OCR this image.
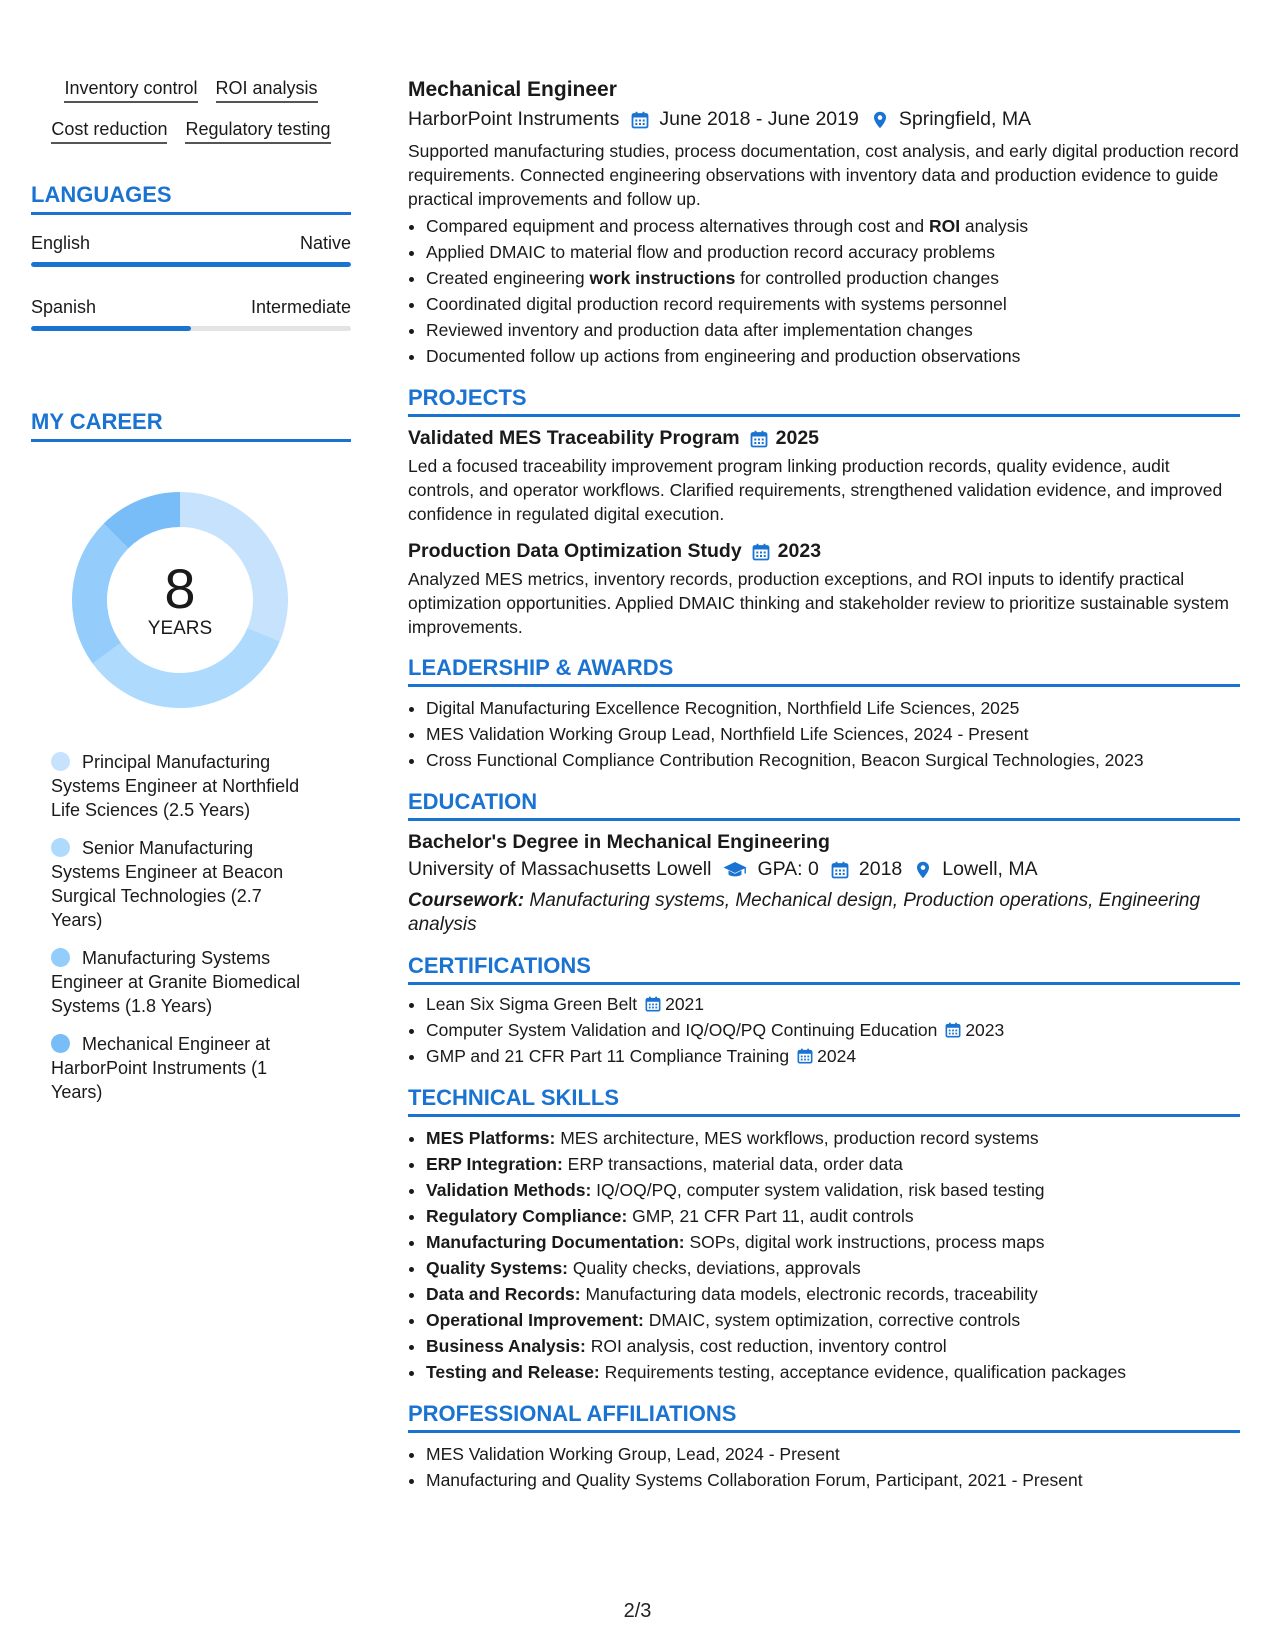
Inventory control ROI analysis
Cost reduction Regulatory testing
LANGUAGES
English	Native
Spanish	Intermediate
MY CAREER
8
YEARS
Principal Manufacturing Systems Engineer at Northfield Life Sciences (2.5 Years)
Senior Manufacturing Systems Engineer at Beacon Surgical Technologies (2.7 Years)
Manufacturing Systems Engineer at Granite Biomedical Systems (1.8 Years)
Mechanical Engineer at HarborPoint Instruments (1 Years)
Mechanical Engineer
HarborPoint Instruments June 2018 - June 2019 Springfield, MA
Supported manufacturing studies, process documentation, cost analysis, and early digital production record requirements. Connected engineering observations with inventory data and production evidence to guide practical improvements and follow up.
• Compared equipment and process alternatives through cost and ROI analysis
• Applied DMAIC to material flow and production record accuracy problems
• Created engineering work instructions for controlled production changes
• Coordinated digital production record requirements with systems personnel
• Reviewed inventory and production data after implementation changes
• Documented follow up actions from engineering and production observations
PROJECTS
Validated MES Traceability Program 2025
Led a focused traceability improvement program linking production records, quality evidence, audit controls, and operator workflows. Clarified requirements, strengthened validation evidence, and improved confidence in regulated digital execution.
Production Data Optimization Study 2023
Analyzed MES metrics, inventory records, production exceptions, and ROI inputs to identify practical optimization opportunities. Applied DMAIC thinking and stakeholder review to prioritize sustainable system improvements.
LEADERSHIP & AWARDS
• Digital Manufacturing Excellence Recognition, Northfield Life Sciences, 2025
• MES Validation Working Group Lead, Northfield Life Sciences, 2024 - Present
• Cross Functional Compliance Contribution Recognition, Beacon Surgical Technologies, 2023
EDUCATION
Bachelor's Degree in Mechanical Engineering
University of Massachusetts Lowell GPA: 0 2018 Lowell, MA
Coursework: Manufacturing systems, Mechanical design, Production operations, Engineering analysis
CERTIFICATIONS
• Lean Six Sigma Green Belt 2021
• Computer System Validation and IQ/OQ/PQ Continuing Education 2023
• GMP and 21 CFR Part 11 Compliance Training 2024
TECHNICAL SKILLS
• MES Platforms: MES architecture, MES workflows, production record systems
• ERP Integration: ERP transactions, material data, order data
• Validation Methods: IQ/OQ/PQ, computer system validation, risk based testing
• Regulatory Compliance: GMP, 21 CFR Part 11, audit controls
• Manufacturing Documentation: SOPs, digital work instructions, process maps
• Quality Systems: Quality checks, deviations, approvals
• Data and Records: Manufacturing data models, electronic records, traceability
• Operational Improvement: DMAIC, system optimization, corrective controls
• Business Analysis: ROI analysis, cost reduction, inventory control
• Testing and Release: Requirements testing, acceptance evidence, qualification packages
PROFESSIONAL AFFILIATIONS
• MES Validation Working Group, Lead, 2024 - Present
• Manufacturing and Quality Systems Collaboration Forum, Participant, 2021 - Present
2/3
